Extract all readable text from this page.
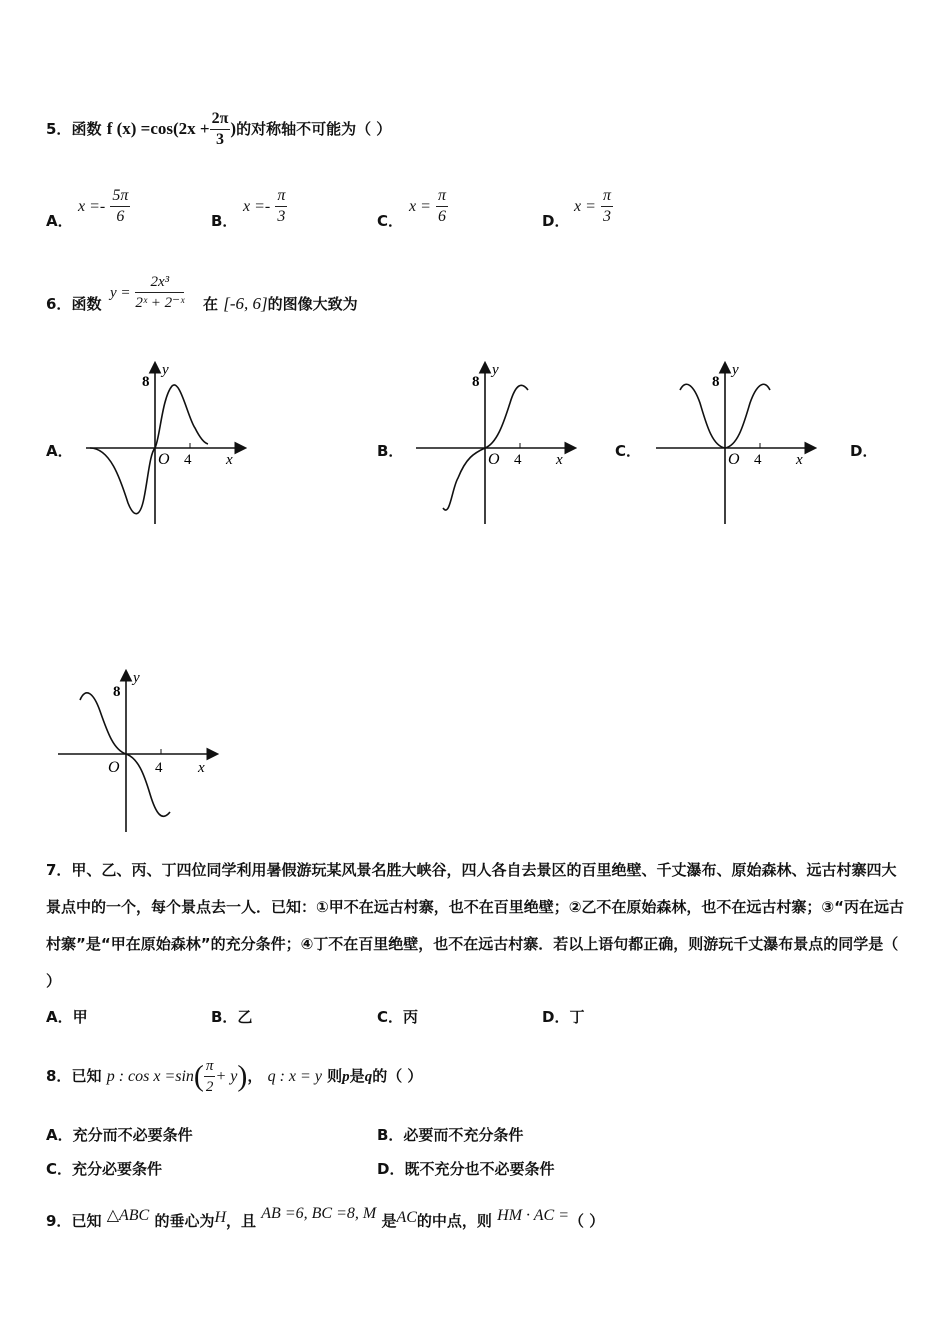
5．函数 f $(x) =\cos(2x + \frac{2\pi}{3}$ )的对称轴不可能为（ ）
A．
$x =- \frac{5\pi}{6}$	B．
$x =- \frac{\pi}{3}$	C．
$x = \frac{\pi}{6}$	D．
$x = \frac{\pi}{3}$
6．函数
$y = \frac{\text{2x³}}{\text{2ˣ + 2⁻ˣ}}$ 在 [-6, 6]的图像大致为
A．	B．	C．	D．
y
8
O 4 x
y
8
O 4 x
y
8
O 4 x
y
8
O 4 x
7．甲、乙、丙、丁四位同学利用暑假游玩某风景名胜大峡谷，四人各自去景区的百里绝壁、千丈瀑布、原始森林、远古村寨四大景点中的一个，每个景点去一人．已知：①甲不在远古村寨，也不在百里绝壁；②乙不在原始森林，也不在远古村寨；③“丙在远古村寨”是“甲在原始森林”的充分条件；④丁不在百里绝壁，也不在远古村寨．若以上语句都正确，则游玩千丈瀑布景点的同学是（ ）
A．甲	B．乙	C．丙	D．丁
8．已知 p : $\cos x =\sin( \frac{\pi}{2} + y)$， q : x = y 则p是q的（ ）
A．充分而不必要条件	B．必要而不充分条件
C．充分必要条件	D．既不充分也不必要条件
9．已知 △ABC 的垂心为H，且 AB =6, BC =8, M 是AC的中点，则 HM · AC =（ ）
